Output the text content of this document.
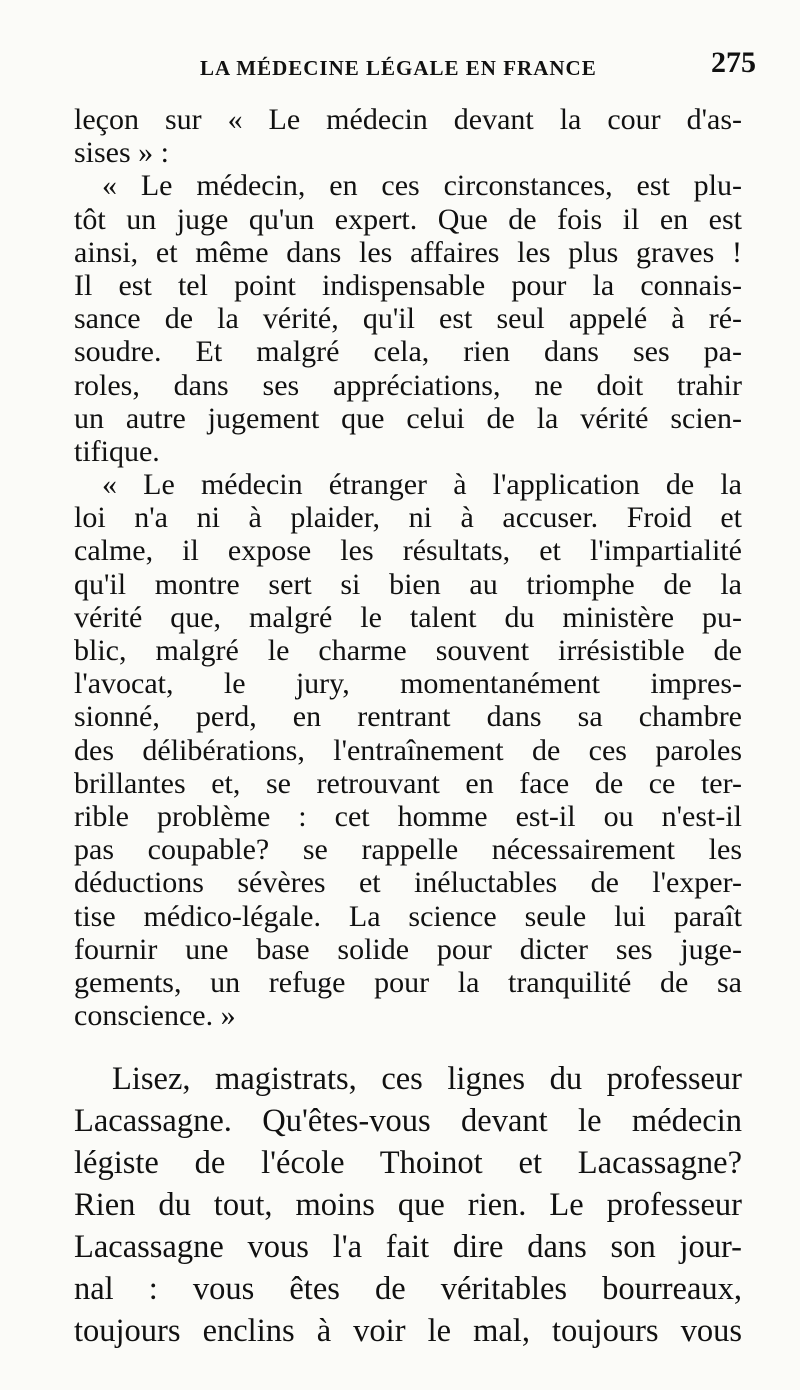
LA MÉDECINE LÉGALE EN FRANCE	275
leçon sur « Le médecin devant la cour d'as-
sises » :
« Le médecin, en ces circonstances, est plu-
tôt un juge qu'un expert. Que de fois il en est
ainsi, et même dans les affaires les plus graves !
Il est tel point indispensable pour la connais-
sance de la vérité, qu'il est seul appelé à ré-
soudre. Et malgré cela, rien dans ses pa-
roles, dans ses appréciations, ne doit trahir
un autre jugement que celui de la vérité scien-
tifique.
« Le médecin étranger à l'application de la
loi n'a ni à plaider, ni à accuser. Froid et
calme, il expose les résultats, et l'impartialité
qu'il montre sert si bien au triomphe de la
vérité que, malgré le talent du ministère pu-
blic, malgré le charme souvent irrésistible de
l'avocat, le jury, momentanément impres-
sionné, perd, en rentrant dans sa chambre
des délibérations, l'entraînement de ces paroles
brillantes et, se retrouvant en face de ce ter-
rible problème : cet homme est-il ou n'est-il
pas coupable? se rappelle nécessairement les
déductions sévères et inéluctables de l'exper-
tise médico-légale. La science seule lui paraît
fournir une base solide pour dicter ses juge-
gements, un refuge pour la tranquilité de sa
conscience. »
Lisez, magistrats, ces lignes du professeur
Lacassagne. Qu'êtes-vous devant le médecin
légiste de l'école Thoinot et Lacassagne?
Rien du tout, moins que rien. Le professeur
Lacassagne vous l'a fait dire dans son jour-
nal : vous êtes de véritables bourreaux,
toujours enclins à voir le mal, toujours vous
